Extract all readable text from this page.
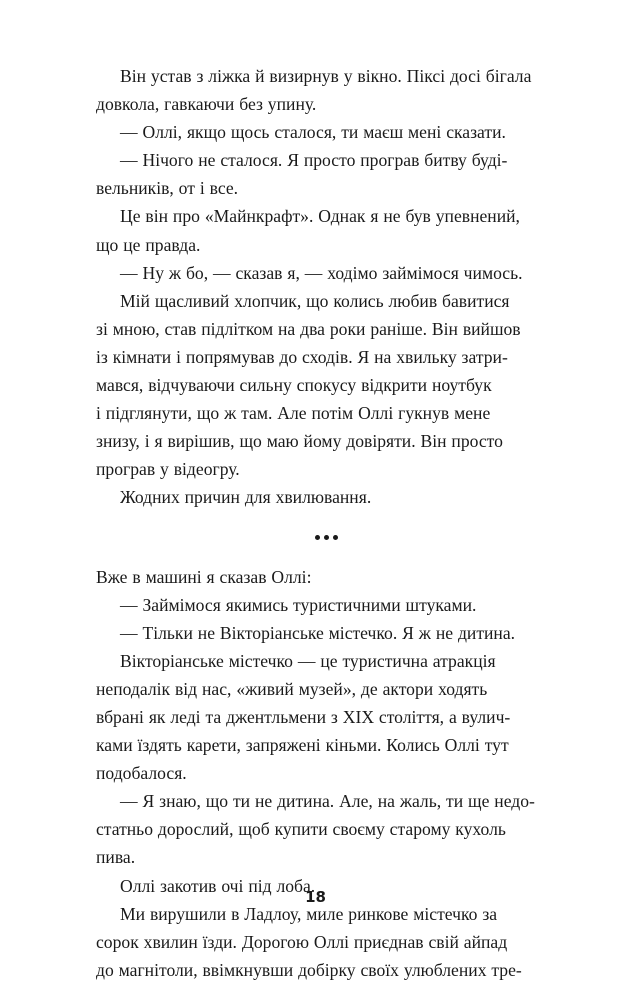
Він устав з ліжка й визирнув у вікно. Піксі досі бігала
довкола, гавкаючи без упину.

— Оллі, якщо щось сталося, ти маєш мені сказати.

— Нічого не сталося. Я просто програв битву буді-
вельників, от і все.

Це він про «Майнкрафт». Однак я не був упевнений,
що це правда.

— Ну ж бо, — сказав я, — ходімо займімося чимось.

Мій щасливий хлопчик, що колись любив бавитися
зі мною, став підлітком на два роки раніше. Він вийшов
із кімнати і попрямував до сходів. Я на хвильку затри-
мався, відчуваючи сильну спокусу відкрити ноутбук
і підглянути, що ж там. Але потім Оллі гукнув мене
знизу, і я вирішив, що маю йому довіряти. Він просто
програв у відеогру.

Жодних причин для хвилювання.

Вже в машині я сказав Оллі:

— Займімося якимись туристичними штуками.

— Тільки не Вікторіанське містечко. Я ж не дитина.

Вікторіанське містечко — це туристична атракція
неподалік від нас, «живий музей», де актори ходять
вбрані як леді та джентльмени з XIX століття, а вулич-
ками їздять карети, запряжені кіньми. Колись Оллі тут
подобалося.

— Я знаю, що ти не дитина. Але, на жаль, ти ще недо-
статньо дорослий, щоб купити своєму старому кухоль
пива.

Оллі закотив очі під лоба.

Ми вирушили в Ладлоу, миле ринкове містечко за
сорок хвилин їзди. Дорогою Оллі приєднав свій айпад
до магнітоли, ввімкнувши добірку своїх улюблених тре-

18
